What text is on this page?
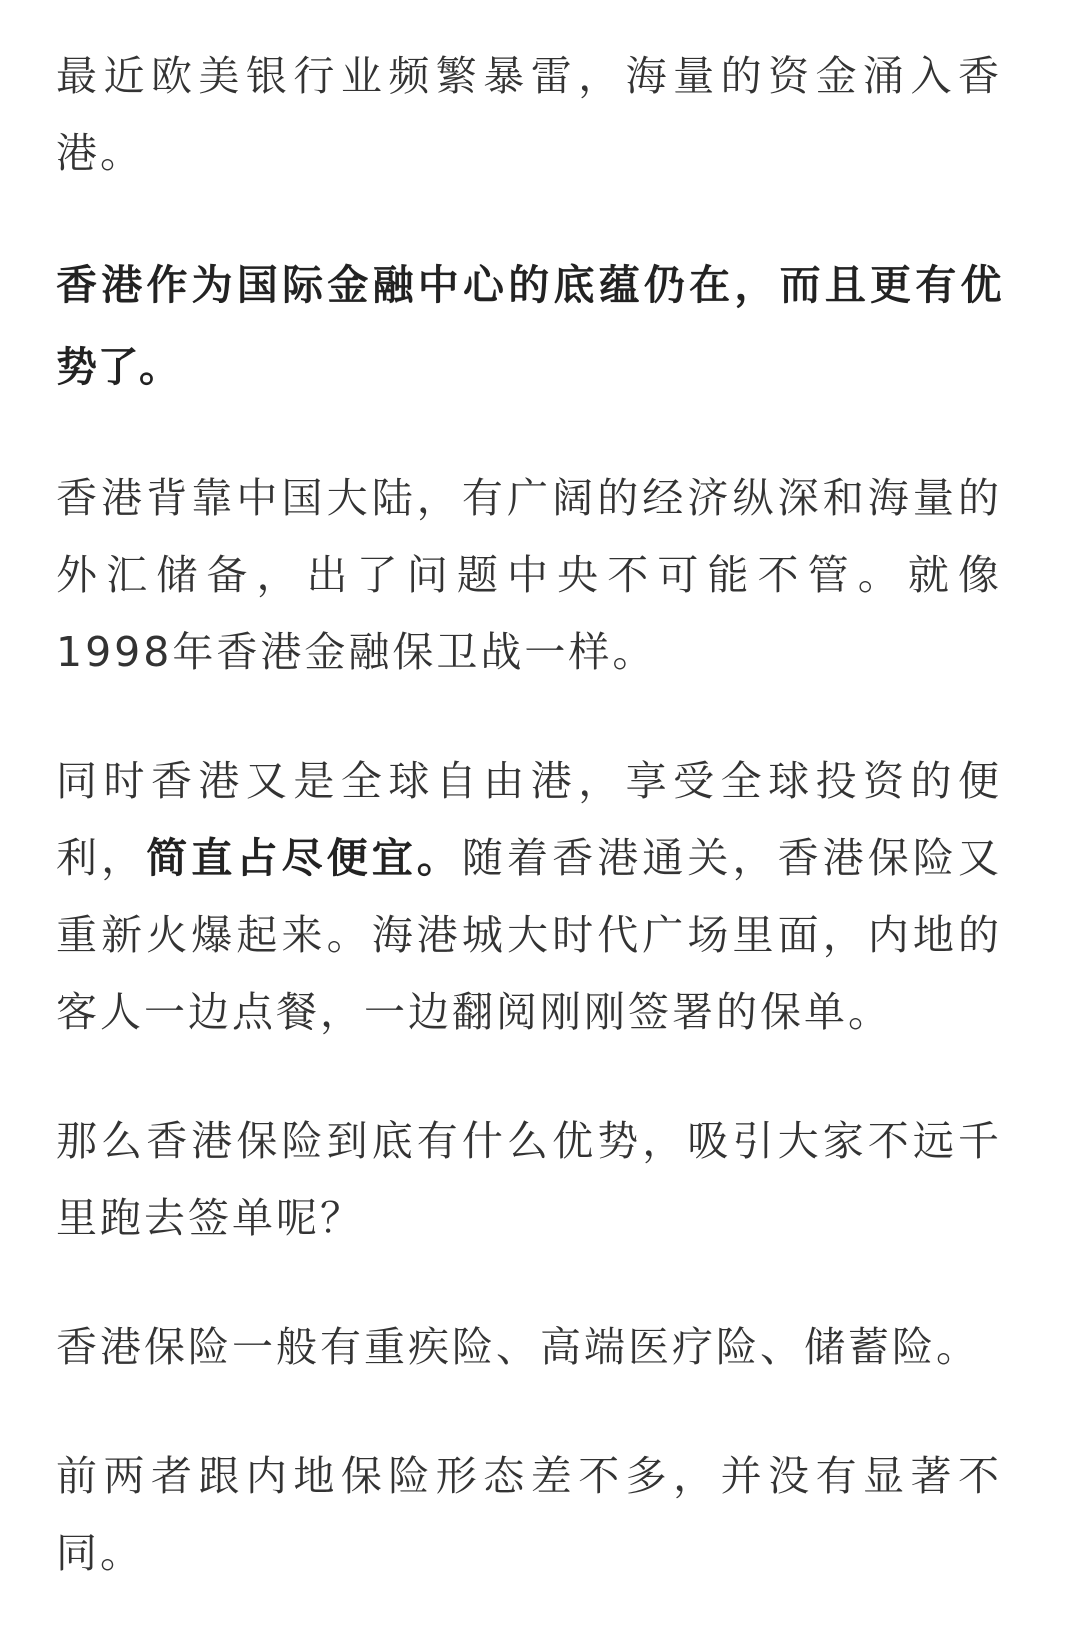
最近欧美银行业频繁暴雷，海量的资金涌入香
港。

香港作为国际金融中心的底蕴仍在，而且更有优
势了。

香港背靠中国大陆，有广阔的经济纵深和海量的
外汇储备，出了问题中央不可能不管。就像
1998年香港金融保卫战一样。

同时香港又是全球自由港，享受全球投资的便
利，简直占尽便宜。随着香港通关，香港保险又
重新火爆起来。海港城大时代广场里面，内地的
客人一边点餐，一边翻阅刚刚签署的保单。

那么香港保险到底有什么优势，吸引大家不远千
里跑去签单呢？

香港保险一般有重疾险、高端医疗险、储蓄险。

前两者跟内地保险形态差不多，并没有显著不
同。
